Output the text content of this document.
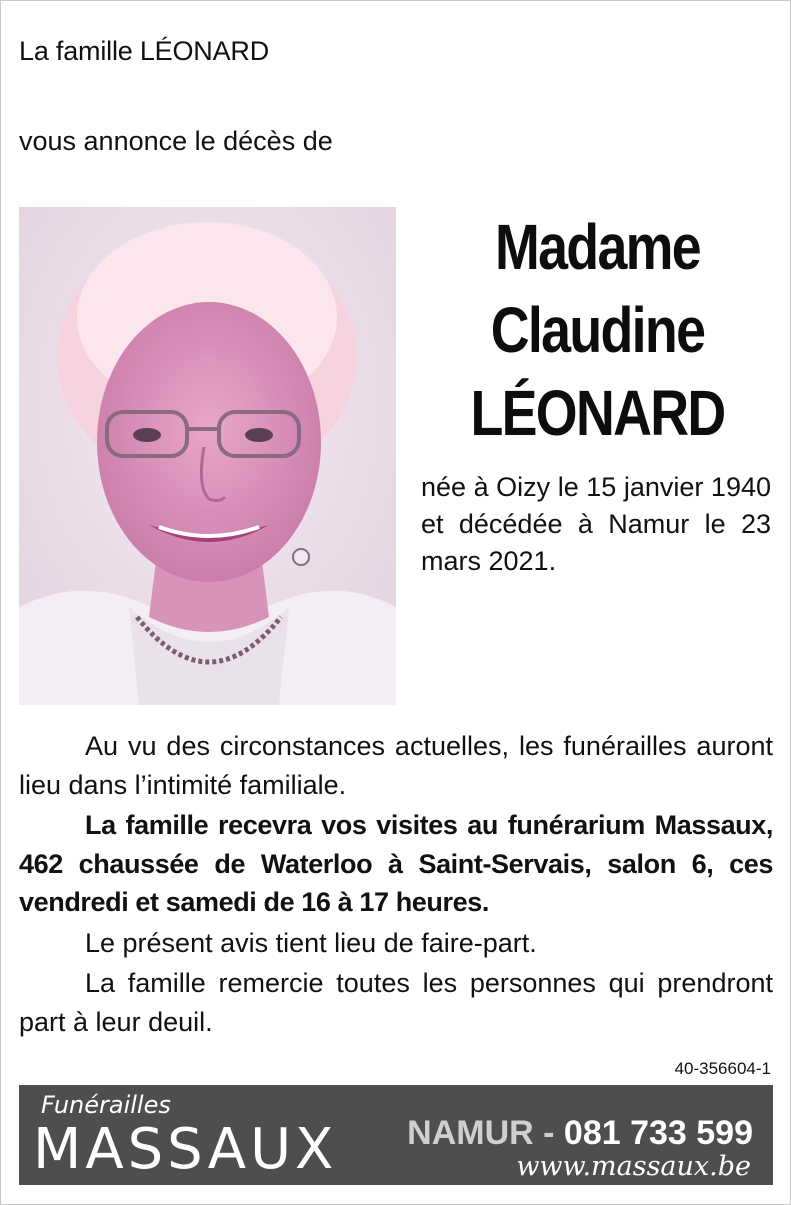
La famille LÉONARD
vous annonce le décès de
Madame
Claudine
LÉONARD
née à Oizy le 15 janvier 1940 et décédée à Namur le 23 mars 2021.

Au vu des circonstances actuelles, les funérailles auront lieu dans l’intimité familiale.

La famille recevra vos visites au funérarium Massaux, 462 chaussée de Waterloo à Saint-Servais, salon 6, ces vendredi et samedi de 16 à 17 heures.

Le présent avis tient lieu de faire-part.

La famille remercie toutes les personnes qui prendront part à leur deuil.

40-356604-1
Funérailles
MASSAUX NAMUR - 081 733 599
www.massaux.be
